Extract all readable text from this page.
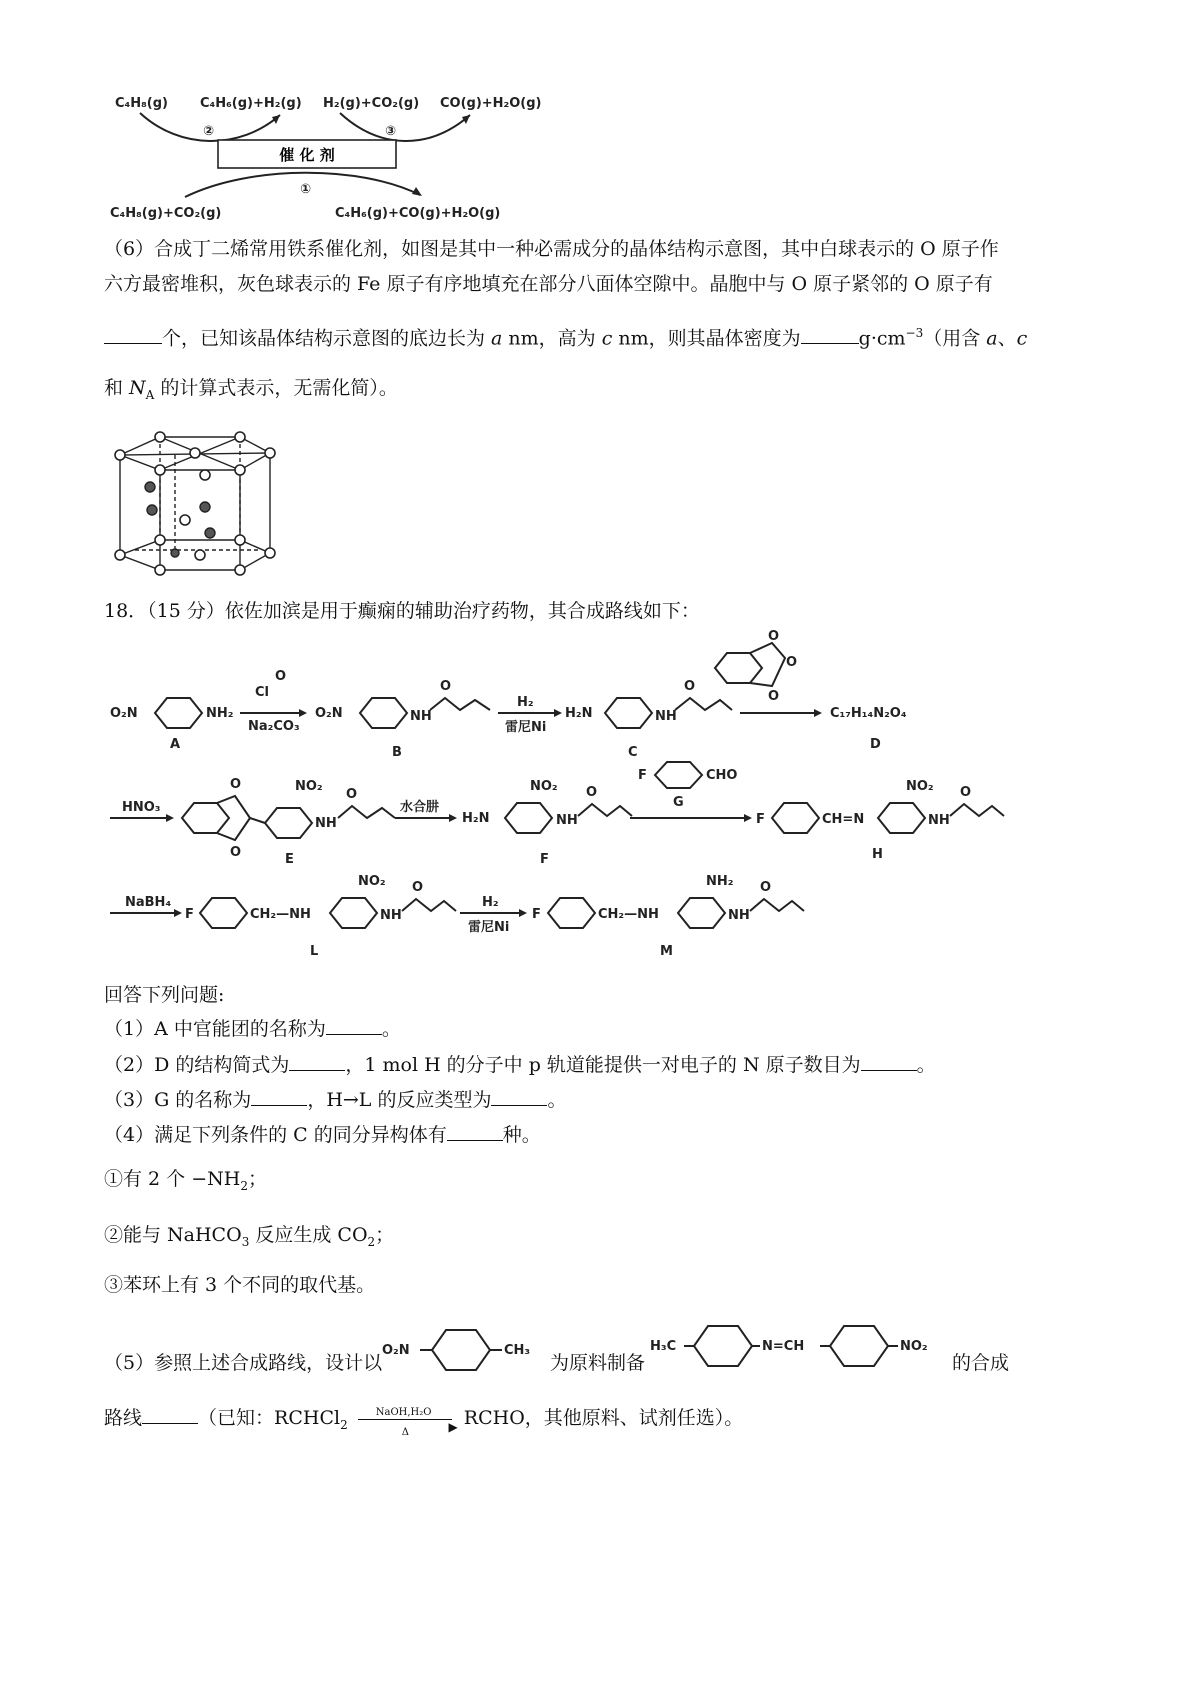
C₄H₈(g) C₄H₆(g)+H₂(g) H₂(g)+CO₂(g) CO(g)+H₂O(g)
②	③
催 化 剂
①
C₄H₈(g)+CO₂(g)	C₄H₆(g)+CO(g)+H₂O(g)
（6）合成丁二烯常用铁系催化剂，如图是其中一种必需成分的晶体结构示意图，其中白球表示的 O 原子作
六方最密堆积，灰色球表示的 Fe 原子有序地填充在部分八面体空隙中。晶胞中与 O 原子紧邻的 O 原子有
个，已知该晶体结构示意图的底边长为 a nm，高为 c nm，则其晶体密度为	$g\cdot cm^{-3}$（用含 a、c
和 $N_A$ 的计算式表示，无需化简）。
18．（15 分）依佐加滨是用于癫痫的辅助治疗药物，其合成路线如下：
O₂N	NH₂
A
Cl
O
Na₂CO₃
O₂N	NH
O
B
H₂
雷尼Ni
H₂N	NH
O
C
O
O
O
C₁₇H₁₄N₂O₄
D
HNO₃
O
O
NO₂
NH
O
E
水合肼
H₂N
NO₂
NH
O
F
F	CHO
G
F	CH=N
NO₂
NH
O
H
NaBH₄
F	CH₂—NH
NO₂
NH
O
L
H₂
雷尼Ni
F	CH₂—NH
NH₂
NH
O
M
回答下列问题:
（1）A 中官能团的名称为	。
（2）D 的结构简式为	，1 mol H 的分子中 p 轨道能提供一对电子的 N 原子数目为	。
（3）G 的名称为	，H→L 的反应类型为	。
（4）满足下列条件的 C 的同分异构体有	种。
①有 2 个 $-NH_2$；
②能与 NaHCO$_3$ 反应生成 $CO_2$；
③苯环上有 3 个不同的取代基。
（5）参照上述合成路线，设计以
O₂N	CH₃
为原料制备
H₃C	N=CH	NO₂
的合成
路线	（已知：RCHCl$_2$
NaOH,H₂O
▶
Δ
RCHO，其他原料、试剂任选）。
